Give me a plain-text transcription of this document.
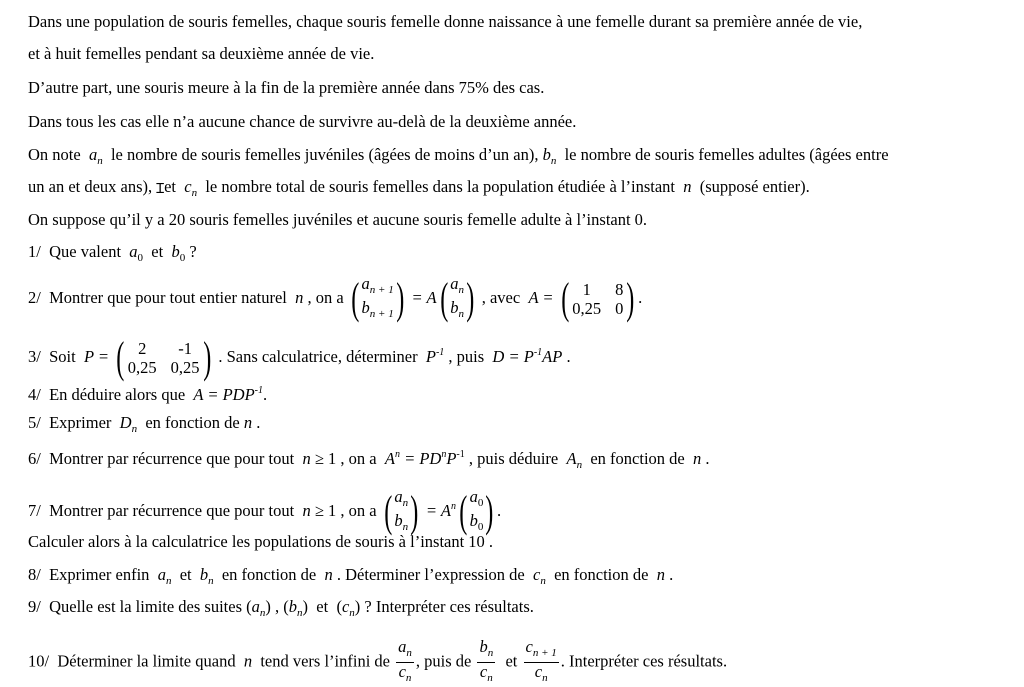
Dans une population de souris femelles, chaque souris femelle donne naissance à une femelle durant sa première année de vie,
et à huit femelles pendant sa deuxième année de vie.
D’autre part, une souris meure à la fin de la première année dans 75% des cas.
Dans tous les cas elle n’a aucune chance de survivre au-delà de la deuxième année.
On note $a_n$ le nombre de souris femelles juvéniles (âgées de moins d’un an), $b_n$ le nombre de souris femelles adultes (âgées entre
un an et deux ans), Ɪet $c_n$ le nombre total de souris femelles dans la population étudiée à l’instant n (supposé entier).
On suppose qu’il y a 20 souris femelles juvéniles et aucune souris femelle adulte à l’instant 0.
1/ Que valent $a_0$ et $b_0$ ?
2/ Montrer que pour tout entier naturel n , on a ( $a_{n + 1}$
$b_{n + 1}$ ) = A ( $a_n$
$b_n$ ) , avec A = ( 1	8
0,25 0 ) .
3/ Soit P = ( 2	-1
0,25 0,25 ) . Sans calculatrice, déterminer $P^{-1}$ , puis $D = P^{-1}AP$ .
4/ En déduire alors que $A = PDP^{-1}$.
5/ Exprimer $D_n$ en fonction de n .
6/ Montrer par récurrence que pour tout n ≥ 1 , on a $A^n = PD^nP^{-1}$ , puis déduire $A_n$ en fonction de n .
7/ Montrer par récurrence que pour tout n ≥ 1 , on a ( $a_n$
$b_n$ ) = $A^n$ ( $a_0$
$b_0$ ) .
Calculer alors à la calculatrice les populations de souris à l’instant 10 .
8/ Exprimer enfin $a_n$ et $b_n$ en fonction de n . Déterminer l’expression de $c_n$ en fonction de n .
9/ Quelle est la limite des suites $(a_n)$ , $(b_n)$ et $(c_n)$ ? Interpréter ces résultats.
10/ Déterminer la limite quand n tend vers l’infini de $\frac{a_n}{c_n}$ , puis de $\frac{b_n}{c_n}$ et $\frac{c_{n + 1}}{c_n}$ . Interpréter ces résultats.
